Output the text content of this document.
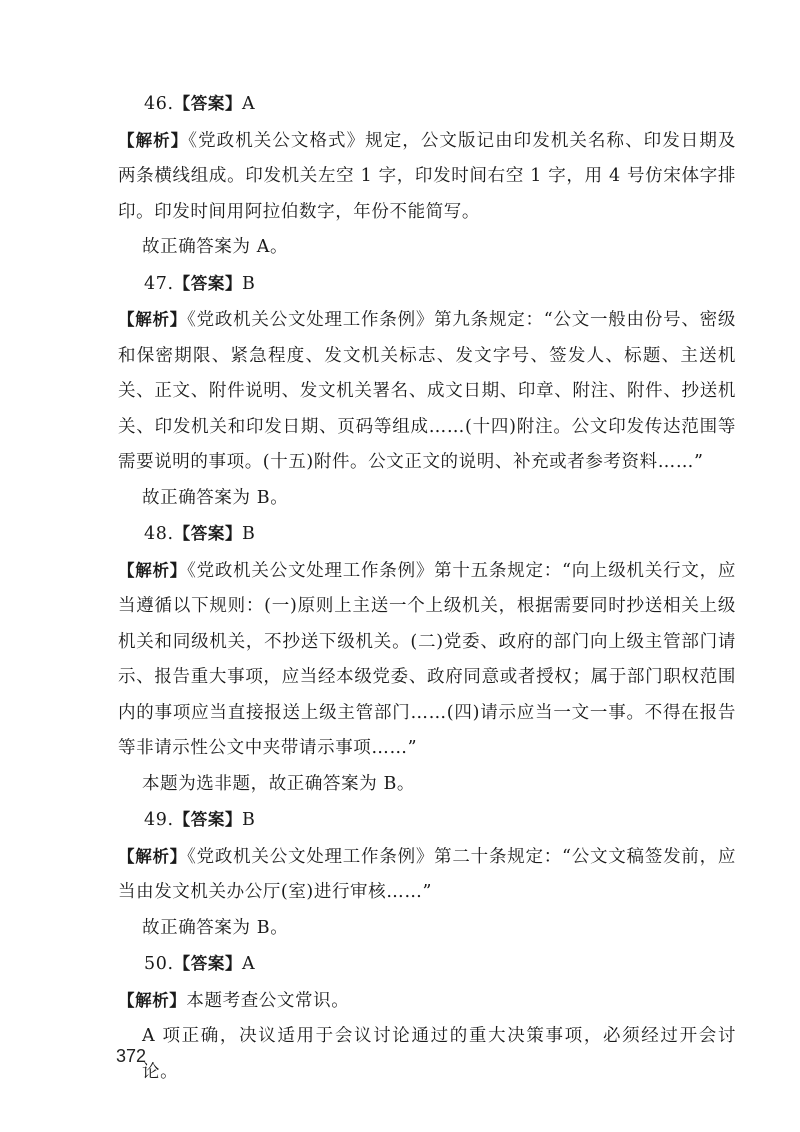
46.【答案】A

【解析】《党政机关公文格式》规定，公文版记由印发机关名称、印发日期及两条横线组成。印发机关左空 1 字，印发时间右空 1 字，用 4 号仿宋体字排印。印发时间用阿拉伯数字，年份不能简写。

故正确答案为 A。

47.【答案】B

【解析】《党政机关公文处理工作条例》第九条规定：“公文一般由份号、密级和保密期限、紧急程度、发文机关标志、发文字号、签发人、标题、主送机关、正文、附件说明、发文机关署名、成文日期、印章、附注、附件、抄送机关、印发机关和印发日期、页码等组成……(十四)附注。公文印发传达范围等需要说明的事项。(十五)附件。公文正文的说明、补充或者参考资料……”

故正确答案为 B。

48.【答案】B

【解析】《党政机关公文处理工作条例》第十五条规定：“向上级机关行文，应当遵循以下规则：(一)原则上主送一个上级机关，根据需要同时抄送相关上级机关和同级机关，不抄送下级机关。(二)党委、政府的部门向上级主管部门请示、报告重大事项，应当经本级党委、政府同意或者授权；属于部门职权范围内的事项应当直接报送上级主管部门……(四)请示应当一文一事。不得在报告等非请示性公文中夹带请示事项……”

本题为选非题，故正确答案为 B。

49.【答案】B

【解析】《党政机关公文处理工作条例》第二十条规定：“公文文稿签发前，应当由发文机关办公厅(室)进行审核……”

故正确答案为 B。

50.【答案】A

【解析】本题考查公文常识。

A 项正确，决议适用于会议讨论通过的重大决策事项，必须经过开会讨论。

372
